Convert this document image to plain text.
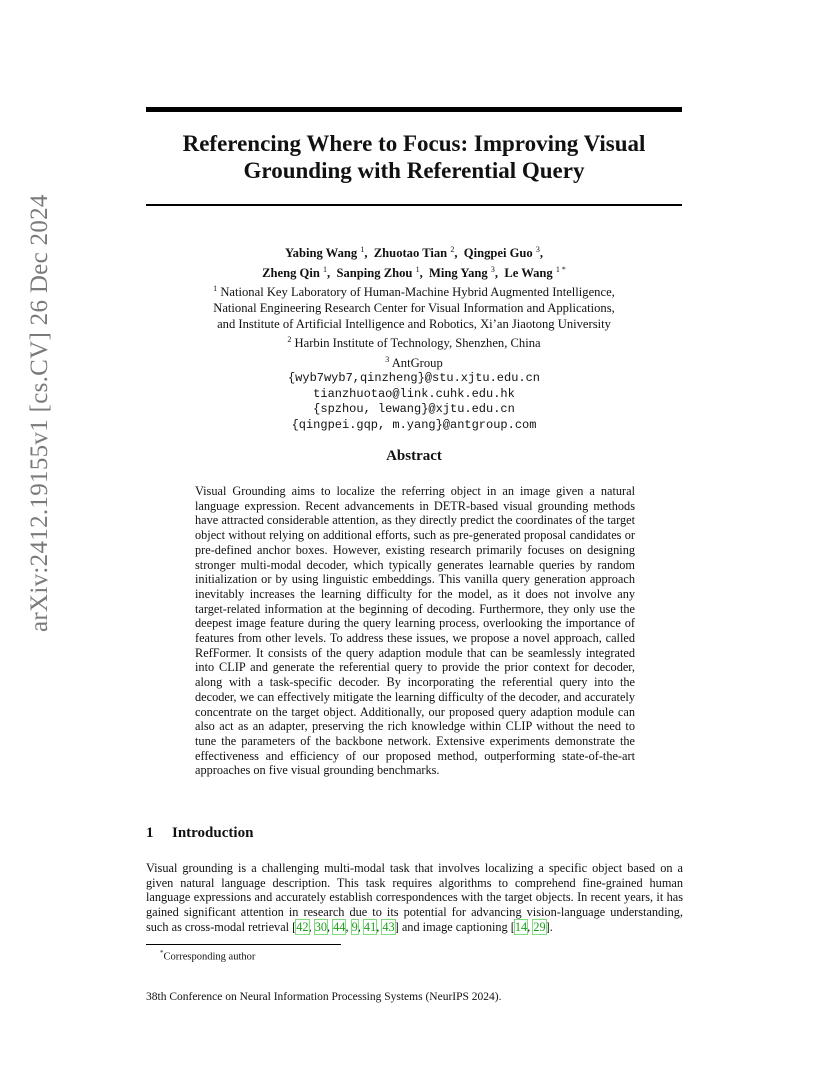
arXiv:2412.19155v1 [cs.CV] 26 Dec 2024
Referencing Where to Focus: Improving Visual Grounding with Referential Query
Yabing Wang $^1$,  Zhuotao Tian $^2$,  Qingpei Guo $^3$,
Zheng Qin $^1$,  Sanping Zhou $^1$,  Ming Yang $^3$,  Le Wang $^{1 *}$
$^1$ National Key Laboratory of Human-Machine Hybrid Augmented Intelligence,
National Engineering Research Center for Visual Information and Applications,
and Institute of Artificial Intelligence and Robotics, Xi’an Jiaotong University
$^2$ Harbin Institute of Technology, Shenzhen, China
$^3$ AntGroup
{wyb7wyb7,qinzheng}@stu.xjtu.edu.cn
tianzhuotao@link.cuhk.edu.hk
{spzhou, lewang}@xjtu.edu.cn
{qingpei.gqp, m.yang}@antgroup.com
Abstract
Visual Grounding aims to localize the referring object in an image given a natural language expression. Recent advancements in DETR-based visual grounding methods have attracted considerable attention, as they directly predict the coordinates of the target object without relying on additional efforts, such as pre-generated proposal candidates or pre-defined anchor boxes. However, existing research primarily focuses on designing stronger multi-modal decoder, which typically generates learnable queries by random initialization or by using linguistic embeddings. This vanilla query generation approach inevitably increases the learning difficulty for the model, as it does not involve any target-related information at the beginning of decoding. Furthermore, they only use the deepest image feature during the query learning process, overlooking the importance of features from other levels. To address these issues, we propose a novel approach, called RefFormer. It consists of the query adaption module that can be seamlessly integrated into CLIP and generate the referential query to provide the prior context for decoder, along with a task-specific decoder. By incorporating the referential query into the decoder, we can effectively mitigate the learning difficulty of the decoder, and accurately concentrate on the target object. Additionally, our proposed query adaption module can also act as an adapter, preserving the rich knowledge within CLIP without the need to tune the parameters of the backbone network. Extensive experiments demonstrate the effectiveness and efficiency of our proposed method, outperforming state-of-the-art approaches on five visual grounding benchmarks.
1 Introduction
Visual grounding is a challenging multi-modal task that involves localizing a specific object based on a given natural language description. This task requires algorithms to comprehend fine-grained human language expressions and accurately establish correspondences with the target objects. In recent years, it has gained significant attention in research due to its potential for advancing vision-language understanding, such as cross-modal retrieval [42, 30, 44, 9, 41, 43] and image captioning [14, 29].
*Corresponding author
38th Conference on Neural Information Processing Systems (NeurIPS 2024).
